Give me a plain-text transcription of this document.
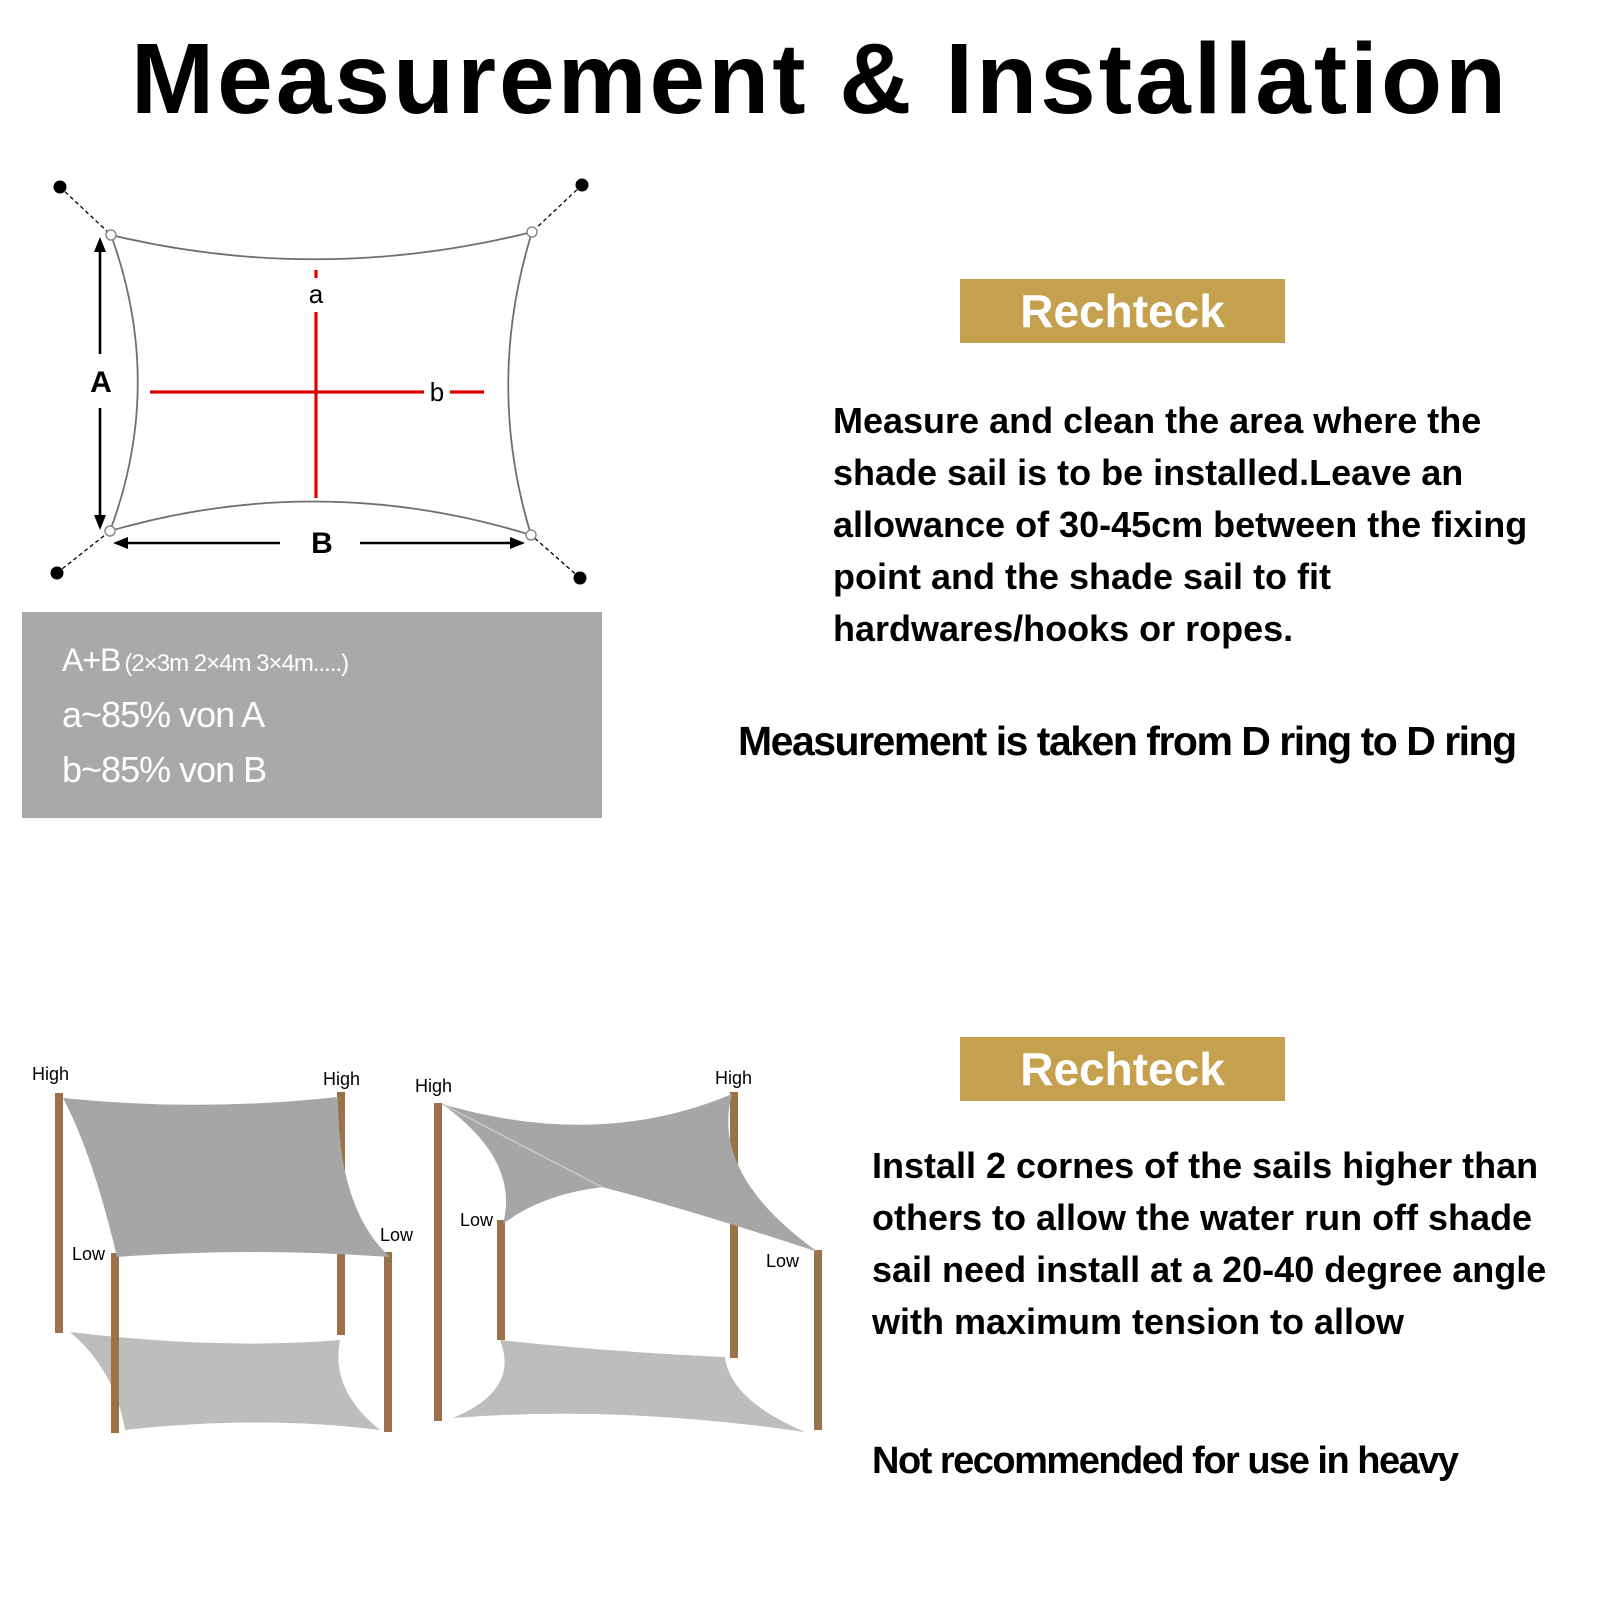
Measurement & Installation
a
b
A
B
A+B (2×3m 2×4m 3×4m.....)
a~85% von A
b~85% von B
Rechteck

Measure and clean the area where the shade sail is to be installed.Leave an allowance of 30-45cm between the fixing point and the shade sail to fit hardwares/hooks or ropes.

Measurement is taken from D ring to D ring
High	High
Low
Low
High	High
Low
Low
Rechteck

Install 2 cornes of the sails higher than others to allow the water run off shade sail need install at a 20-40 degree angle with maximum tension to allow

Not recommended for use in heavy
